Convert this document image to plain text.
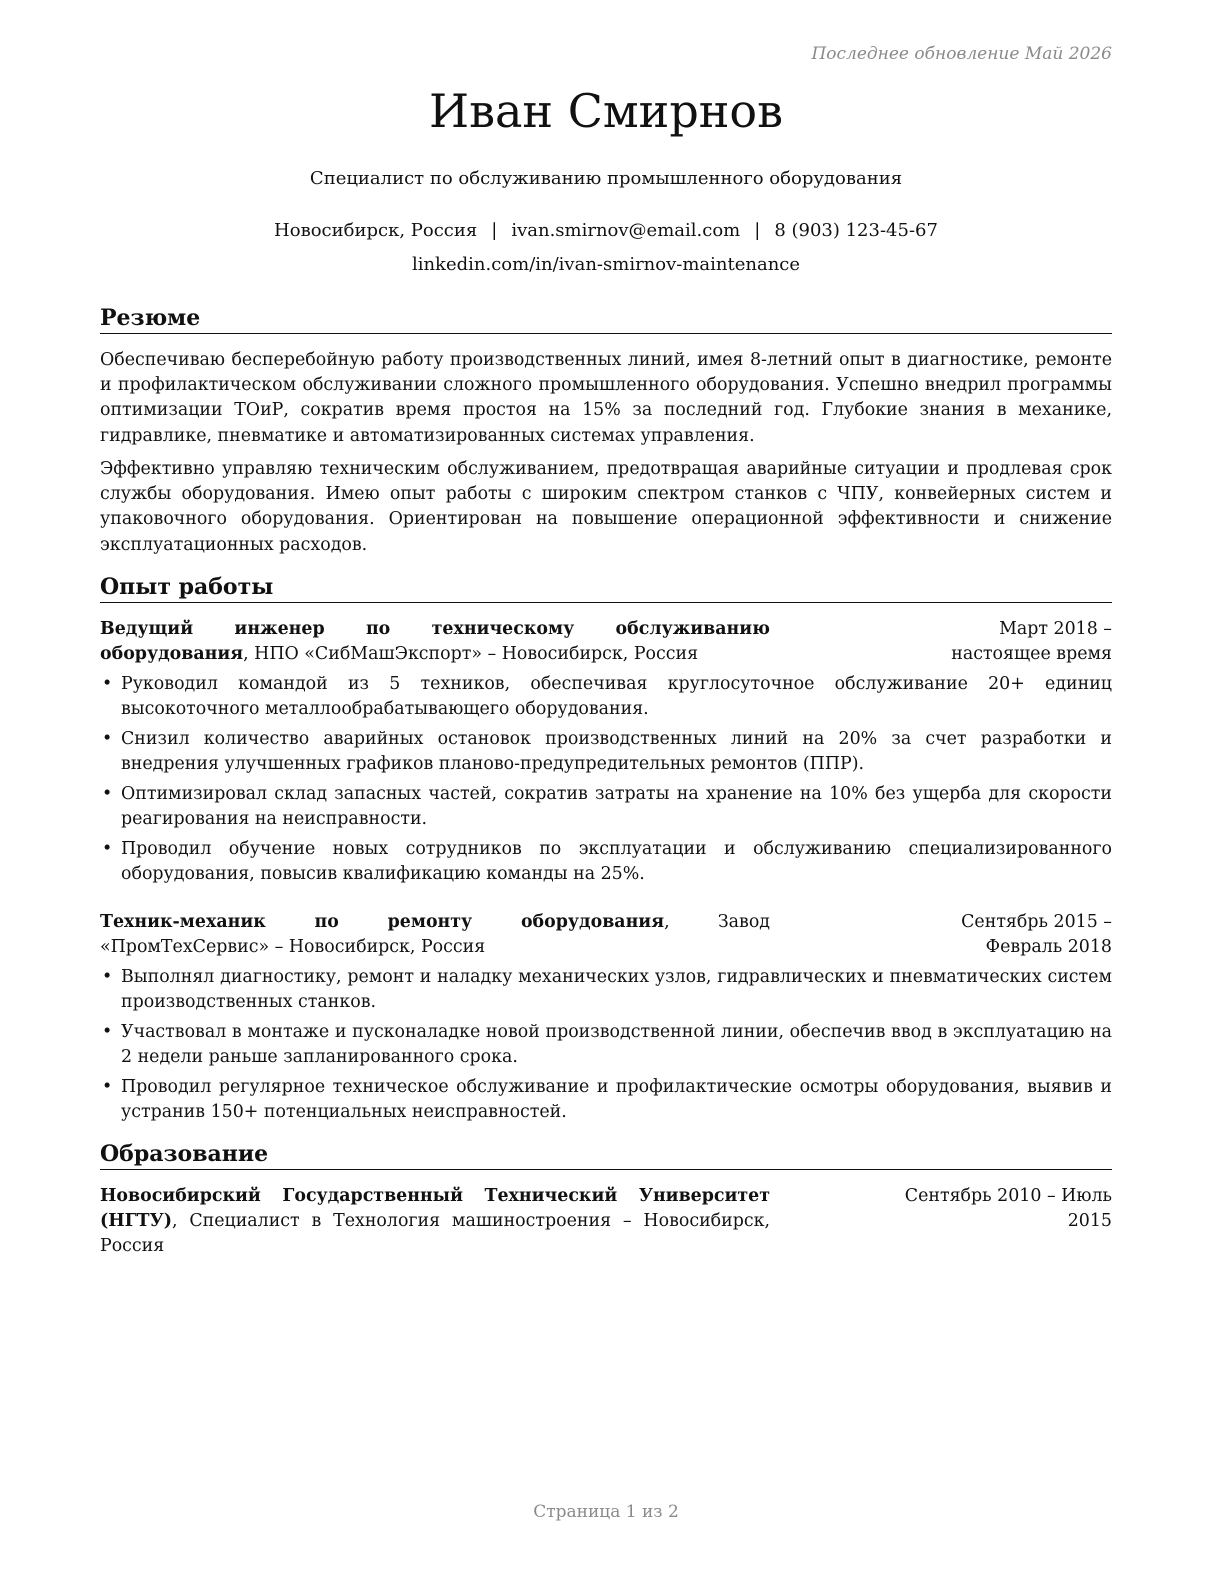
Последнее обновление Май 2026
Иван Смирнов
Специалист по обслуживанию промышленного оборудования
Новосибирск, Россия | ivan.smirnov@email.com | 8 (903) 123-45-67
linkedin.com/in/ivan-smirnov-maintenance
Резюме

Обеспечиваю бесперебойную работу производственных линий, имея 8-летний опыт в диагностике, ремонте и профилактическом обслуживании сложного промышленного оборудования. Успешно внедрил программы оптимизации ТОиР, сократив время простоя на 15% за последний год. Глубокие знания в механике, гидравлике, пневматике и автоматизированных системах управления.

Эффективно управляю техническим обслуживанием, предотвращая аварийные ситуации и продлевая срок службы оборудования. Имею опыт работы с широким спектром станков с ЧПУ, конвейерных систем и упаковочного оборудования. Ориентирован на повышение операционной эффективности и снижение эксплуатационных расходов.

Опыт работы
Ведущий инженер по техническому обслуживанию оборудования, НПО «СибМашЭкспорт» – Новосибирск, Россия
Март 2018 – настоящее время
• Руководил командой из 5 техников, обеспечивая круглосуточное обслуживание 20+ единиц высокоточного металлообрабатывающего оборудования.
• Снизил количество аварийных остановок производственных линий на 20% за счет разработки и внедрения улучшенных графиков планово-предупредительных ремонтов (ППР).
• Оптимизировал склад запасных частей, сократив затраты на хранение на 10% без ущерба для скорости реагирования на неисправности.
• Проводил обучение новых сотрудников по эксплуатации и обслуживанию специализированного оборудования, повысив квалификацию команды на 25%.
Техник-механик по ремонту оборудования, Завод «ПромТехСервис» – Новосибирск, Россия
Сентябрь 2015 – Февраль 2018
• Выполнял диагностику, ремонт и наладку механических узлов, гидравлических и пневматических систем производственных станков.
• Участвовал в монтаже и пусконаладке новой производственной линии, обеспечив ввод в эксплуатацию на 2 недели раньше запланированного срока.
• Проводил регулярное техническое обслуживание и профилактические осмотры оборудования, выявив и устранив 150+ потенциальных неисправностей.
Образование
Новосибирский Государственный Технический Университет (НГТУ), Специалист в Технология машиностроения – Новосибирск, Россия
Сентябрь 2010 – Июль 2015
Страница 1 из 2
